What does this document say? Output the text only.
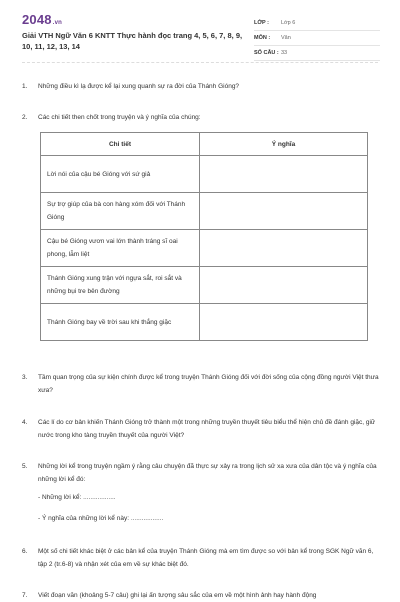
2048.vn
Giải VTH Ngữ Văn 6 KNTT Thực hành đọc trang 4, 5, 6, 7, 8, 9, 10, 11, 12, 13, 14
LỚP :	Lớp 6
MÔN :	Văn
SỐ CÂU : 33
1. Những điều kì lạ được kể lại xung quanh sự ra đời của Thánh Gióng?
2. Các chi tiết then chốt trong truyện và ý nghĩa của chúng:
Chi tiết	Ý nghĩa
Lời nói của cậu bé Gióng với sứ giả	
Sự trợ giúp của bà con hàng xóm đối với Thánh Gióng	
Cậu bé Gióng vươn vai lớn thành tráng sĩ oai phong, lẫm liệt	
Thánh Gióng xung trận với ngựa sắt, roi sắt và những bụi tre bên đường	
Thánh Gióng bay về trời sau khi thắng giặc	
3. Tầm quan trọng của sự kiện chính được kể trong truyện Thánh Gióng đối với đời sống của cộng đồng người Việt thưa xưa?
4. Các lí do cơ bản khiến Thánh Gióng trở thành một trong những truyền thuyết tiêu biểu thể hiện chủ đề đánh giặc, giữ nước trong kho tàng truyền thuyết của người Việt?
5. Những lời kể trong truyện ngầm ý rằng câu chuyện đã thực sự xảy ra trong lịch sử xa xưa của dân tộc và ý nghĩa của những lời kể đó:
- Những lời kể: ..................
- Ý nghĩa của những lời kể này: ..................
6. Một số chi tiết khác biệt ở các bản kể của truyện Thánh Gióng mà em tìm được so với bản kể trong SGK Ngữ văn 6, tập 2 (tr.6-8) và nhận xét của em về sự khác biệt đó.
7. Viết đoạn văn (khoảng 5-7 câu) ghi lại ấn tượng sâu sắc của em về một hình ảnh hay hành động
